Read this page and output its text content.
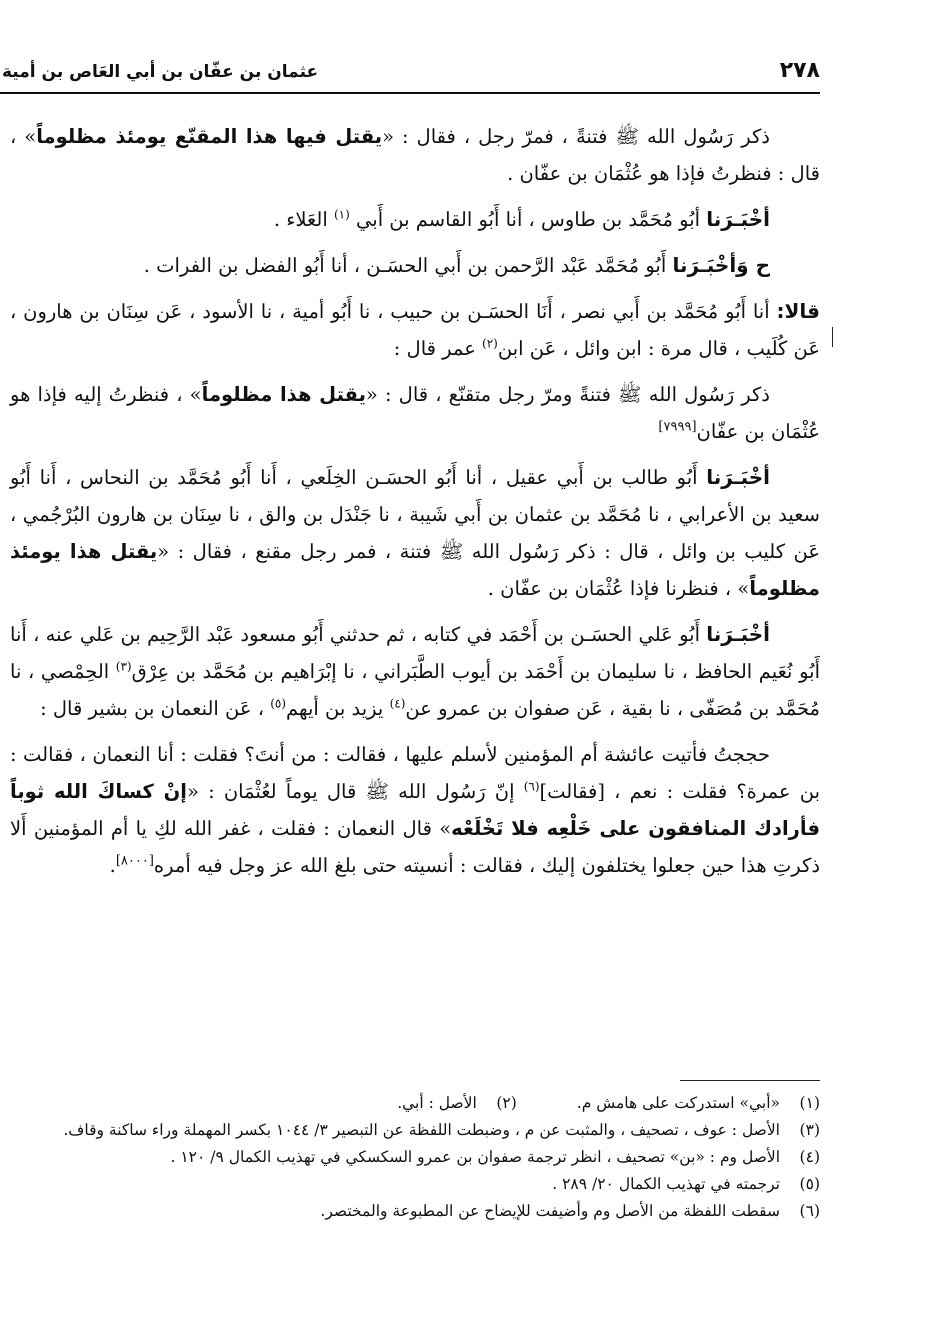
٢٧٨
عثمان بن عفّان بن أبي العَاص بن أمية

ذكر رَسُول الله ﷺ فتنةً ، فمرّ رجل ، فقال : «يقتل فيها هذا المقنّع يومئذ مظلوماً» ، قال : فنظرتُ فإذا هو عُثْمَان بن عفّان .

أخْبَـرَنا أبُو مُحَمَّد بن طاوس ، أنا أَبُو القاسم بن أَبي $^{(١)}$ العَلاء .

ح وَأخْبَـرَنا أَبُو مُحَمَّد عَبْد الرَّحمن بن أَبي الحسَـن ، أنا أَبُو الفضل بن الفرات .

قالا: أنا أَبُو مُحَمَّد بن أَبي نصر ، أَنَا الحسَـن بن حبيب ، نا أَبُو أمية ، نا الأسود ، عَن سِنَان بن هارون ، عَن كُلَيب ، قال مرة : ابن وائل ، عَن ابن$^{(٢)}$ عمر قال :

ذكر رَسُول الله ﷺ فتنةً ومرّ رجل متقنّع ، قال : «يقتل هذا مظلوماً» ، فنظرتُ إليه فإذا هو عُثْمَان بن عفّان[٧٩٩٩]

أخْبَـرَنا أَبُو طالب بن أَبي عقيل ، أنا أَبُو الحسَـن الخِلَعي ، أَنا أَبُو مُحَمَّد بن النحاس ، أَنا أَبُو سعيد بن الأعرابي ، نا مُحَمَّد بن عثمان بن أَبي شَيبة ، نا جَنْدَل بن والق ، نا سِنَان بن هارون البُرْجُمي ، عَن كليب بن وائل ، قال : ذكر رَسُول الله ﷺ فتنة ، فمر رجل مقنع ، فقال : «يقتل هذا يومئذ مظلوماً» ، فنظرنا فإذا عُثْمَان بن عفّان .

أخْبَـرَنا أَبُو عَلي الحسَـن بن أَحْمَد في كتابه ، ثم حدثني أَبُو مسعود عَبْد الرَّحِيم بن عَلي عنه ، أَنا أَبُو نُعَيم الحافظ ، نا سليمان بن أَحْمَد بن أيوب الطَّبَراني ، نا إبْرَاهيم بن مُحَمَّد بن عِرْق$^{(٣)}$ الحِمْصي ، نا مُحَمَّد بن مُصَفّى ، نا بقية ، عَن صفوان بن عمرو عن$^{(٤)}$ يزيد بن أيهم$^{(٥)}$ ، عَن النعمان بن بشير قال :

حججتُ فأتيت عائشة أم المؤمنين لأسلم عليها ، فقالت : من أنتَ؟ فقلت : أنا النعمان ، فقالت : بن عمرة؟ فقلت : نعم ، [فقالت]$^{(٦)}$ إنّ رَسُول الله ﷺ قال يوماً لعُثْمَان : «إنْ كساكَ الله ثوباً فأرادك المنافقون على خَلْعِه فلا تَخْلَعْه» قال النعمان : فقلت ، غفر الله لكِ يا أم المؤمنين أَلا ذكرتِ هذا حين جعلوا يختلفون إليك ، فقالت : أنسيته حتى بلغ الله عز وجل فيه أمره[٨٠٠٠].

(١)
«أبي» استدركت على هامش م.
(٢)
الأصل : أبي.
(٣)
الأصل : عوف ، تصحيف ، والمثبت عن م ، وضبطت اللفظة عن التبصير ٣/ ١٠٤٤ بكسر المهملة وراء ساكنة وقاف.
(٤)
الأصل وم : «بن» تصحيف ، انظر ترجمة صفوان بن عمرو السكسكي في تهذيب الكمال ٩/ ١٢٠ .
(٥)
ترجمته في تهذيب الكمال ٢٠/ ٢٨٩ .
(٦)
سقطت اللفظة من الأصل وم وأضيفت للإيضاح عن المطبوعة والمختصر.
